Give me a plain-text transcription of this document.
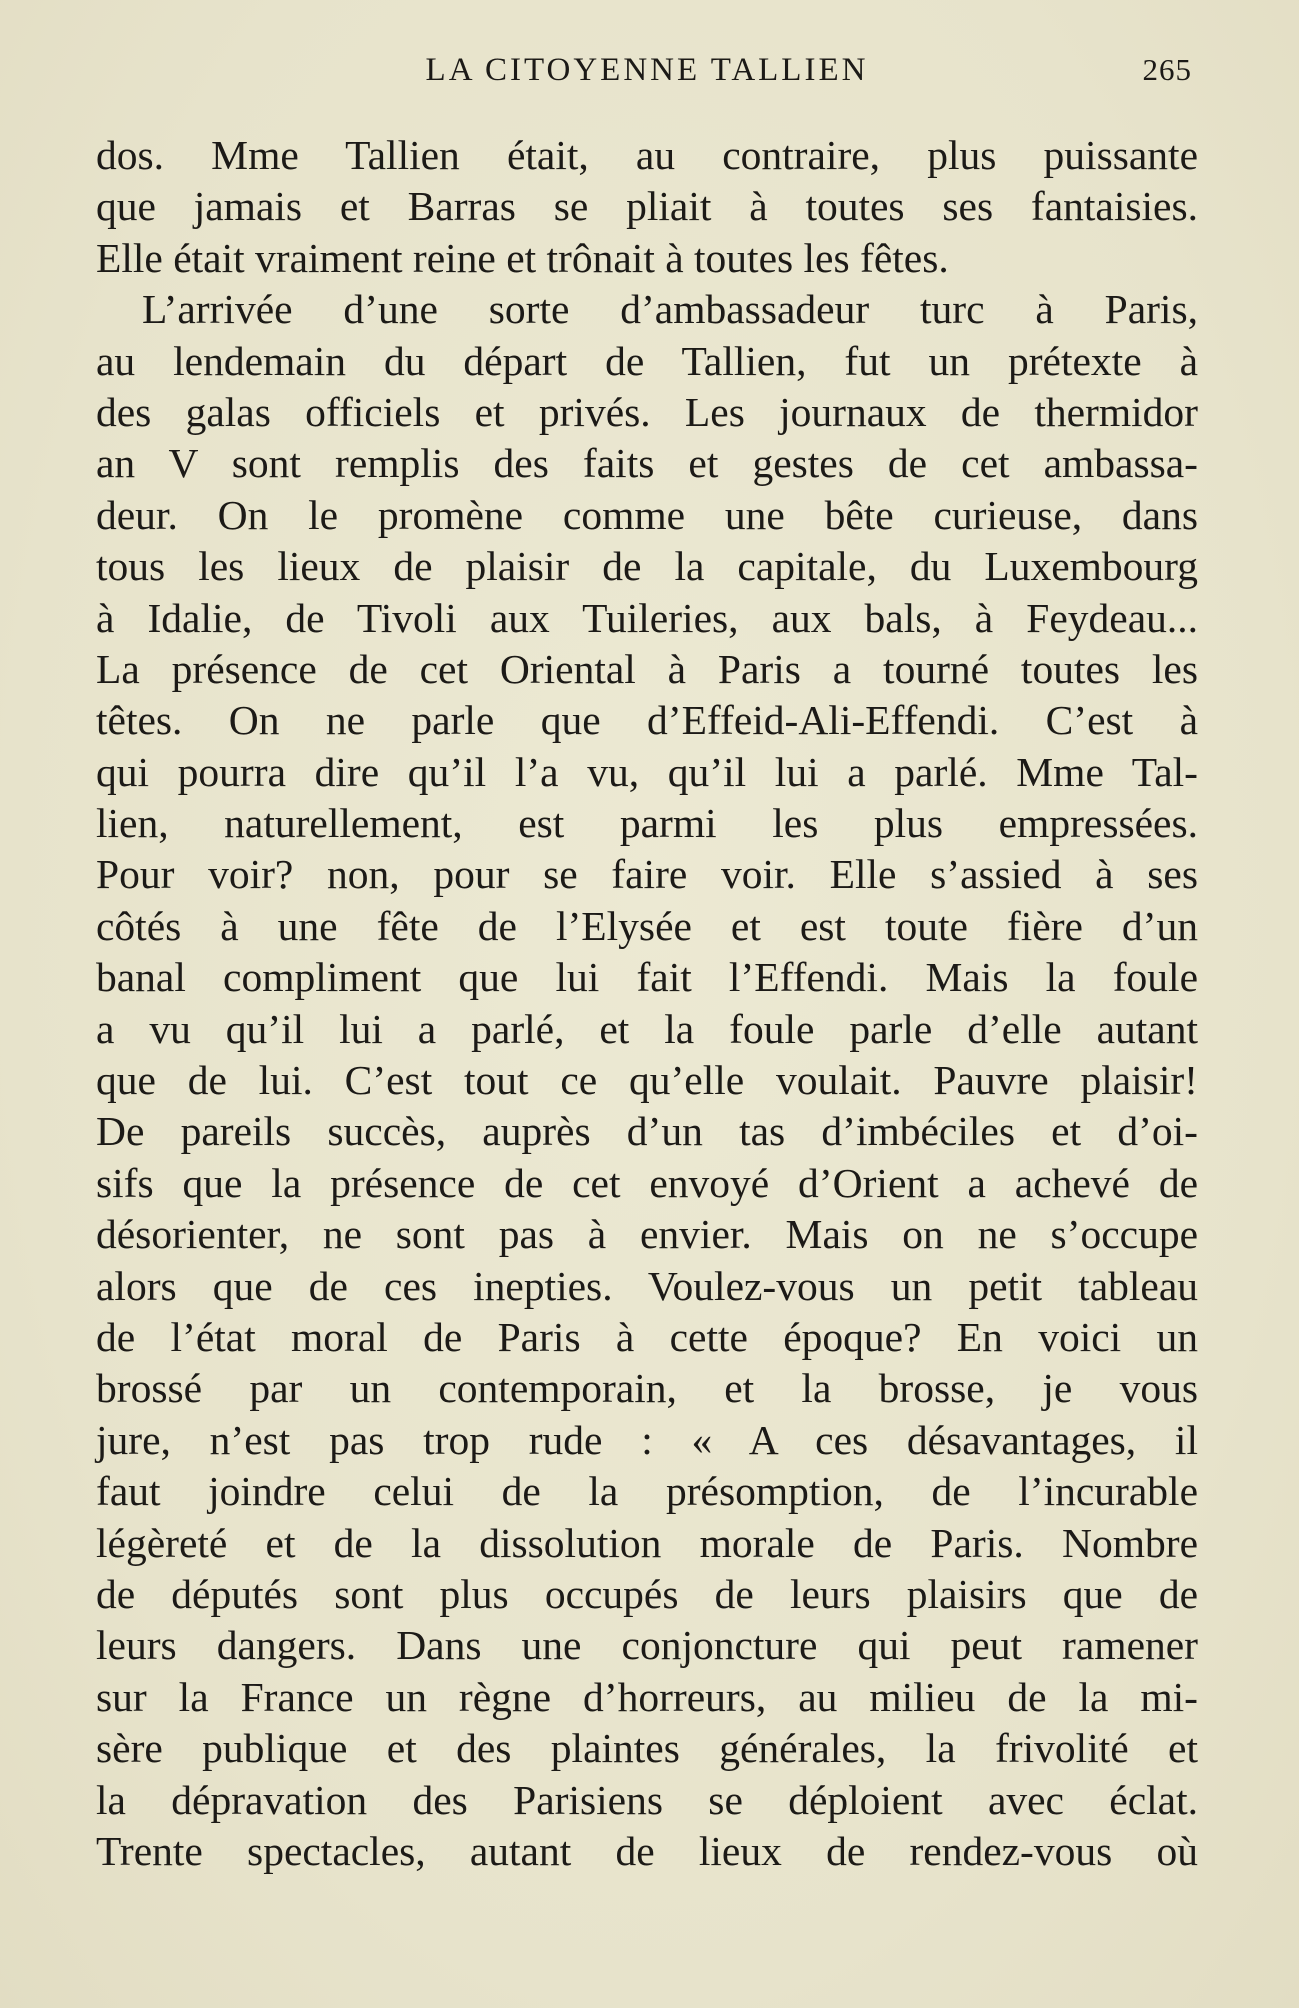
LA CITOYENNE TALLIEN	265
dos. Mme Tallien était, au contraire, plus puissante
que jamais et Barras se pliait à toutes ses fantaisies.
Elle était vraiment reine et trônait à toutes les fêtes.
L’arrivée d’une sorte d’ambassadeur turc à Paris,
au lendemain du départ de Tallien, fut un prétexte à
des galas officiels et privés. Les journaux de thermidor
an V sont remplis des faits et gestes de cet ambassa-
deur. On le promène comme une bête curieuse, dans
tous les lieux de plaisir de la capitale, du Luxembourg
à Idalie, de Tivoli aux Tuileries, aux bals, à Feydeau...
La présence de cet Oriental à Paris a tourné toutes les
têtes. On ne parle que d’Effeid-Ali-Effendi. C’est à
qui pourra dire qu’il l’a vu, qu’il lui a parlé. Mme Tal-
lien, naturellement, est parmi les plus empressées.
Pour voir? non, pour se faire voir. Elle s’assied à ses
côtés à une fête de l’Elysée et est toute fière d’un
banal compliment que lui fait l’Effendi. Mais la foule
a vu qu’il lui a parlé, et la foule parle d’elle autant
que de lui. C’est tout ce qu’elle voulait. Pauvre plaisir!
De pareils succès, auprès d’un tas d’imbéciles et d’oi-
sifs que la présence de cet envoyé d’Orient a achevé de
désorienter, ne sont pas à envier. Mais on ne s’occupe
alors que de ces inepties. Voulez-vous un petit tableau
de l’état moral de Paris à cette époque? En voici un
brossé par un contemporain, et la brosse, je vous
jure, n’est pas trop rude : « A ces désavantages, il
faut joindre celui de la présomption, de l’incurable
légèreté et de la dissolution morale de Paris. Nombre
de députés sont plus occupés de leurs plaisirs que de
leurs dangers. Dans une conjoncture qui peut ramener
sur la France un règne d’horreurs, au milieu de la mi-
sère publique et des plaintes générales, la frivolité et
la dépravation des Parisiens se déploient avec éclat.
Trente spectacles, autant de lieux de rendez-vous où
